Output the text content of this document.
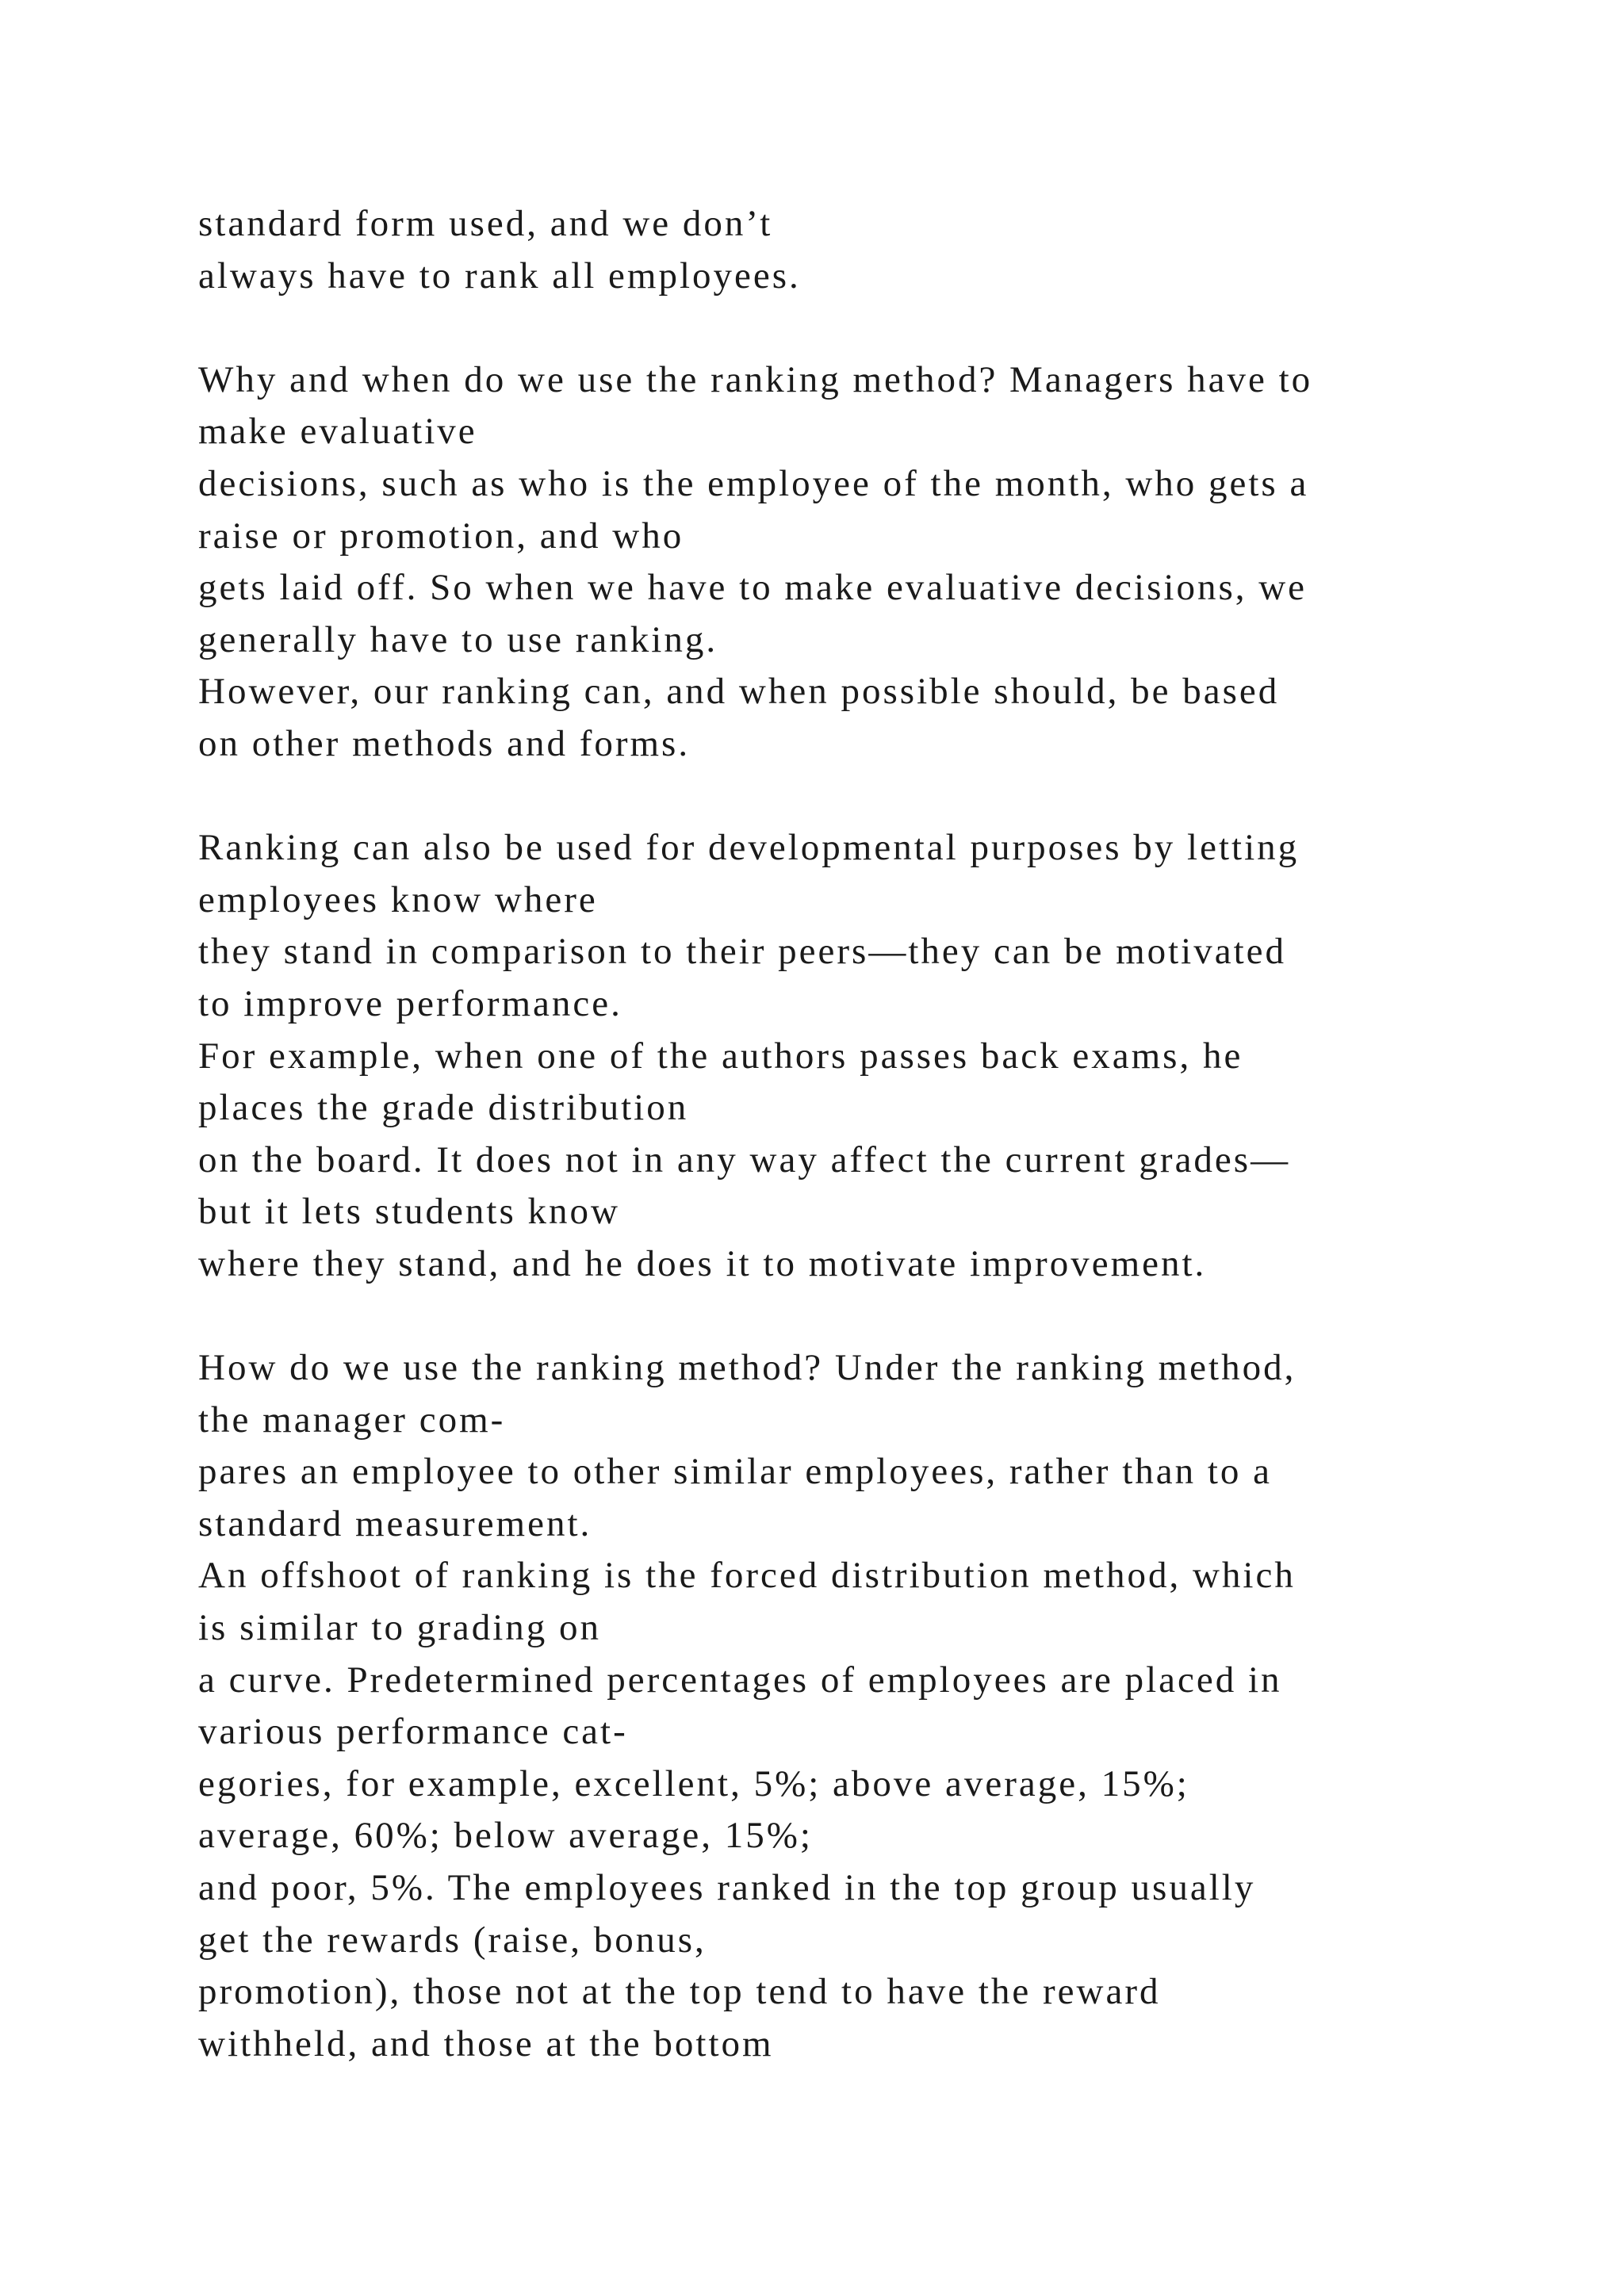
standard form used, and we don’t
always have to rank all employees.
Why and when do we use the ranking method? Managers have to
make evaluative
decisions, such as who is the employee of the month, who gets a
raise or promotion, and who
gets laid off. So when we have to make evaluative decisions, we
generally have to use ranking.
However, our ranking can, and when possible should, be based
on other methods and forms.
Ranking can also be used for developmental purposes by letting
employees know where
they stand in comparison to their peers—they can be motivated
to improve performance.
For example, when one of the authors passes back exams, he
places the grade distribution
on the board. It does not in any way affect the current grades—
but it lets students know
where they stand, and he does it to motivate improvement.
How do we use the ranking method? Under the ranking method,
the manager com-
pares an employee to other similar employees, rather than to a
standard measurement.
An offshoot of ranking is the forced distribution method, which
is similar to grading on
a curve. Predetermined percentages of employees are placed in
various performance cat-
egories, for example, excellent, 5%; above average, 15%;
average, 60%; below average, 15%;
and poor, 5%. The employees ranked in the top group usually
get the rewards (raise, bonus,
promotion), those not at the top tend to have the reward
withheld, and those at the bottom
